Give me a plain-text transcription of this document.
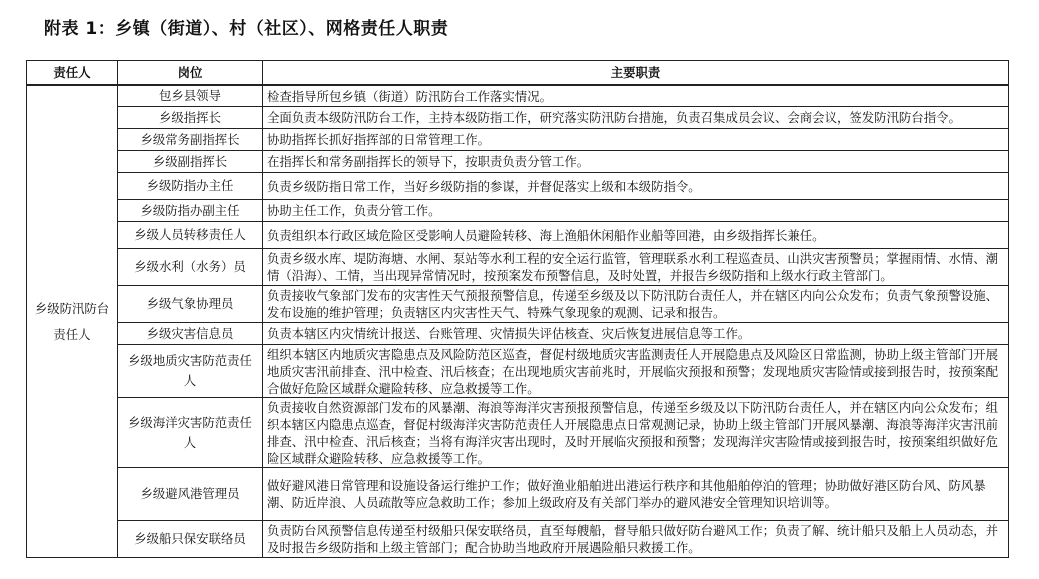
附表 1：乡镇（街道）、村（社区）、网格责任人职责
责任人	岗位	主要职责
乡级防汛防台责任人	包乡县领导	检查指导所包乡镇（街道）防汛防台工作落实情况。
	乡级指挥长	全面负责本级防汛防台工作，主持本级防指工作，研究落实防汛防台措施，负责召集成员会议、会商会议，签发防汛防台指令。
	乡级常务副指挥长	协助指挥长抓好指挥部的日常管理工作。
	乡级副指挥长	在指挥长和常务副指挥长的领导下，按职责负责分管工作。
	乡级防指办主任	负责乡级防指日常工作，当好乡级防指的参谋，并督促落实上级和本级防指令。
	乡级防指办副主任	协助主任工作，负责分管工作。
	乡级人员转移责任人	负责组织本行政区域危险区受影响人员避险转移、海上渔船休闲船作业船等回港，由乡级指挥长兼任。
	乡级水利（水务）员	负责乡级水库、堤防海塘、水闸、泵站等水利工程的安全运行监管，管理联系水利工程巡查员、山洪灾害预警员；掌握雨情、水情、潮情（沿海）、工情，当出现异常情况时，按预案发布预警信息，及时处置，并报告乡级防指和上级水行政主管部门。
	乡级气象协理员	负责接收气象部门发布的灾害性天气预报预警信息，传递至乡级及以下防汛防台责任人，并在辖区内向公众发布；负责气象预警设施、发布设施的维护管理；负责辖区内灾害性天气、特殊气象现象的观测、记录和报告。
	乡级灾害信息员	负责本辖区内灾情统计报送、台账管理、灾情损失评估核查、灾后恢复进展信息等工作。
	乡级地质灾害防范责任人	组织本辖区内地质灾害隐患点及风险防范区巡查，督促村级地质灾害监测责任人开展隐患点及风险区日常监测，协助上级主管部门开展地质灾害汛前排查、汛中检查、汛后核查；在出现地质灾害前兆时，开展临灾预报和预警；发现地质灾害险情或接到报告时，按预案配合做好危险区域群众避险转移、应急救援等工作。
	乡级海洋灾害防范责任人	负责接收自然资源部门发布的风暴潮、海浪等海洋灾害预报预警信息，传递至乡级及以下防汛防台责任人，并在辖区内向公众发布；组织本辖区内隐患点巡查，督促村级海洋灾害防范责任人开展隐患点日常观测记录，协助上级主管部门开展风暴潮、海浪等海洋灾害汛前排查、汛中检查、汛后核查；当将有海洋灾害出现时，及时开展临灾预报和预警；发现海洋灾害险情或接到报告时，按预案组织做好危险区域群众避险转移、应急救援等工作。
	乡级避风港管理员	做好避风港日常管理和设施设备运行维护工作；做好渔业船舶进出港运行秩序和其他船舶停泊的管理；协助做好港区防台风、防风暴潮、防近岸浪、人员疏散等应急救助工作；参加上级政府及有关部门举办的避风港安全管理知识培训等。
	乡级船只保安联络员	负责防台风预警信息传递至村级船只保安联络员，直至每艘船，督导船只做好防台避风工作；负责了解、统计船只及船上人员动态，并及时报告乡级防指和上级主管部门；配合协助当地政府开展遇险船只救援工作。
